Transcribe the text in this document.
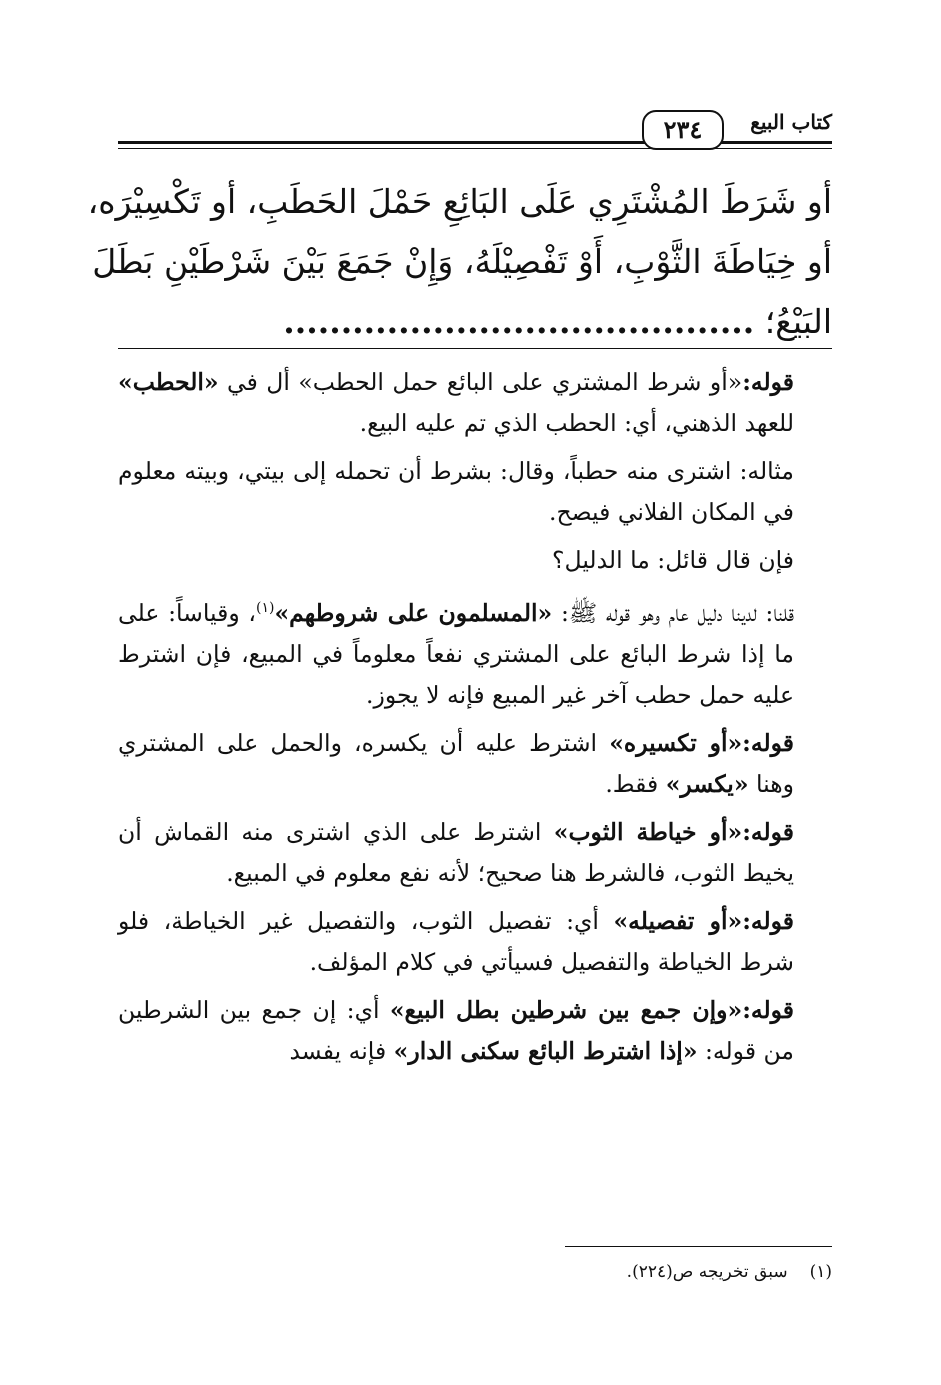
كتاب البيع
٢٣٤
أو شَرَطَ المُشْتَرِي عَلَى البَائِعِ حَمْلَ الحَطَبِ، أو تَكْسِيْرَه،
أو خِيَاطَةَ الثَّوْبِ، أَوْ تَفْصِيْلَهُ، وَإِنْ جَمَعَ بَيْنَ شَرْطَيْنِ بَطَلَ
البَيْعُ؛ .........................................

قوله:«أو شرط المشتري على البائع حمل الحطب» أل في «الحطب» للعهد الذهني، أي: الحطب الذي تم عليه البيع.

مثاله: اشترى منه حطباً، وقال: بشرط أن تحمله إلى بيتي، وبيته معلوم في المكان الفلاني فيصح.

فإن قال قائل: ما الدليل؟

قلنا: لدينا دليل عام وهو قوله ﷺ: «المسلمون على شروطهم»$^{(١)}$، وقياساً: على ما إذا شرط البائع على المشتري نفعاً معلوماً في المبيع، فإن اشترط عليه حمل حطب آخر غير المبيع فإنه لا يجوز.

قوله:«أو تكسيره» اشترط عليه أن يكسره، والحمل على المشتري وهنا «يكسر» فقط.

قوله:«أو خياطة الثوب» اشترط على الذي اشترى منه القماش أن يخيط الثوب، فالشرط هنا صحيح؛ لأنه نفع معلوم في المبيع.

قوله:«أو تفصيله» أي: تفصيل الثوب، والتفصيل غير الخياطة، فلو شرط الخياطة والتفصيل فسيأتي في كلام المؤلف.

قوله:«وإن جمع بين شرطين بطل البيع» أي: إن جمع بين الشرطين من قوله: «إذا اشترط البائع سكنى الدار» فإنه يفسد

(١)سبق تخريجه ص(٢٢٤).
